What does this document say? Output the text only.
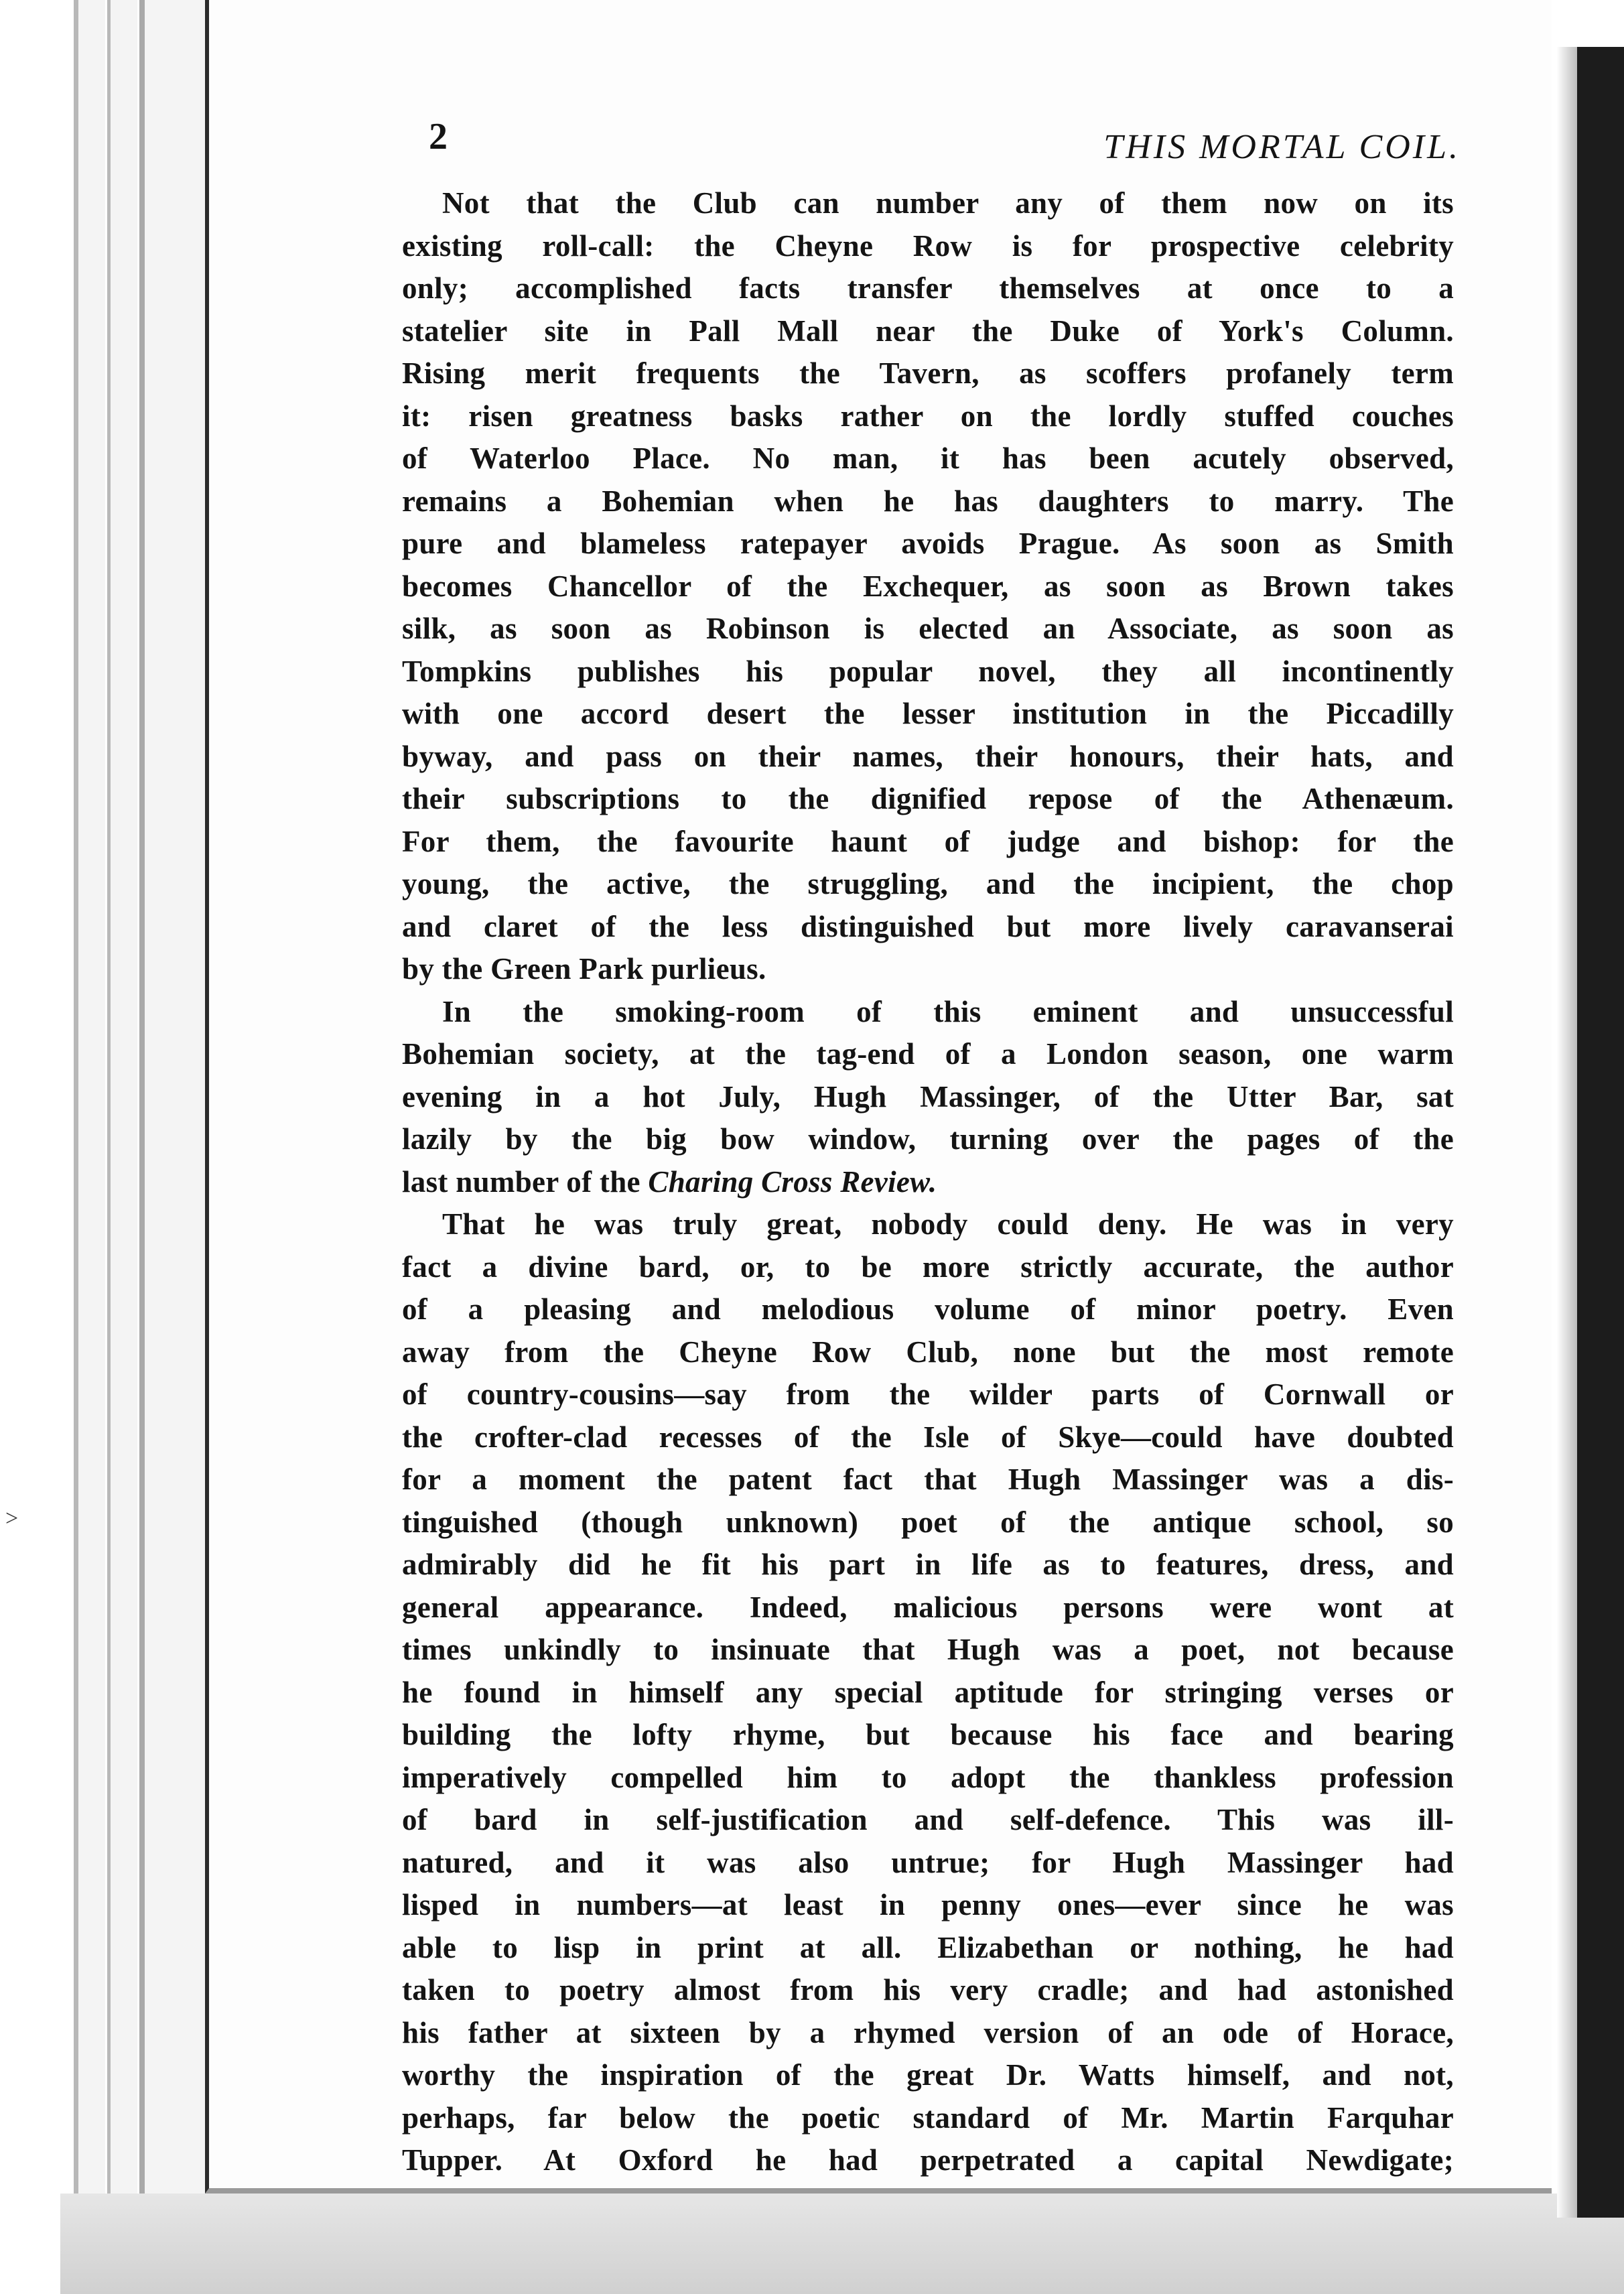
>
2	THIS MORTAL COIL.
Not that the Club can number any of them now on its
existing roll-call: the Cheyne Row is for prospective celebrity
only; accomplished facts transfer themselves at once to a
statelier site in Pall Mall near the Duke of York's Column.
Rising merit frequents the Tavern, as scoffers profanely term
it: risen greatness basks rather on the lordly stuffed couches
of Waterloo Place. No man, it has been acutely observed,
remains a Bohemian when he has daughters to marry. The
pure and blameless ratepayer avoids Prague. As soon as Smith
becomes Chancellor of the Exchequer, as soon as Brown takes
silk, as soon as Robinson is elected an Associate, as soon as
Tompkins publishes his popular novel, they all incontinently
with one accord desert the lesser institution in the Piccadilly
byway, and pass on their names, their honours, their hats, and
their subscriptions to the dignified repose of the Athenæum.
For them, the favourite haunt of judge and bishop: for the
young, the active, the struggling, and the incipient, the chop
and claret of the less distinguished but more lively caravanserai
by the Green Park purlieus.
In the smoking-room of this eminent and unsuccessful
Bohemian society, at the tag-end of a London season, one warm
evening in a hot July, Hugh Massinger, of the Utter Bar, sat
lazily by the big bow window, turning over the pages of the
last number of the Charing Cross Review.
That he was truly great, nobody could deny. He was in very
fact a divine bard, or, to be more strictly accurate, the author
of a pleasing and melodious volume of minor poetry. Even
away from the Cheyne Row Club, none but the most remote
of country-cousins—say from the wilder parts of Cornwall or
the crofter-clad recesses of the Isle of Skye—could have doubted
for a moment the patent fact that Hugh Massinger was a dis-
tinguished (though unknown) poet of the antique school, so
admirably did he fit his part in life as to features, dress, and
general appearance. Indeed, malicious persons were wont at
times unkindly to insinuate that Hugh was a poet, not because
he found in himself any special aptitude for stringing verses or
building the lofty rhyme, but because his face and bearing
imperatively compelled him to adopt the thankless profession
of bard in self-justification and self-defence. This was ill-
natured, and it was also untrue; for Hugh Massinger had
lisped in numbers—at least in penny ones—ever since he was
able to lisp in print at all. Elizabethan or nothing, he had
taken to poetry almost from his very cradle; and had astonished
his father at sixteen by a rhymed version of an ode of Horace,
worthy the inspiration of the great Dr. Watts himself, and not,
perhaps, far below the poetic standard of Mr. Martin Farquhar
Tupper. At Oxford he had perpetrated a capital Newdigate;
